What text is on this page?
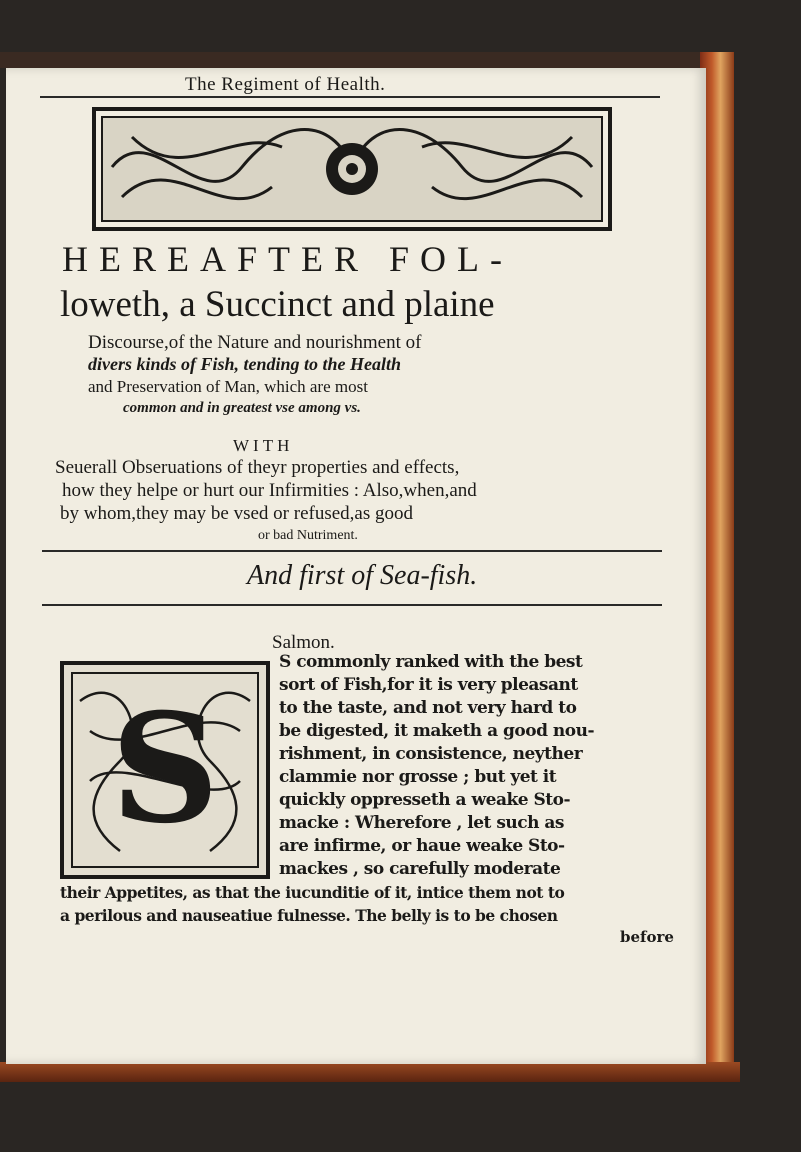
The Regiment of Health.
HEREAFTER FOL-
loweth, a Succinct and plaine
Discourse,of the Nature and nourishment of
divers kinds of Fish, tending to the Health
and Preservation of Man, which are most
common and in greatest vse among vs.
WITH
Seuerall Obseruations of theyr properties and effects,
how they helpe or hurt our Infirmities : Also,when,and
by whom,they may be vsed or refused,as good
or bad Nutriment.
And first of Sea-fish.
Salmon.
S
S commonly ranked with the best
sort of Fish,for it is very pleasant
to the taste, and not very hard to
be digested, it maketh a good nou-
rishment, in consistence, neyther
clammie nor grosse ; but yet it
quickly oppresseth a weake Sto-
macke : Wherefore , let such as
are infirme, or haue weake Sto-
mackes , so carefully moderate
their Appetites, as that the iucunditie of it, intice them not to
a perilous and nauseatiue fulnesse. The belly is to be chosen
before
